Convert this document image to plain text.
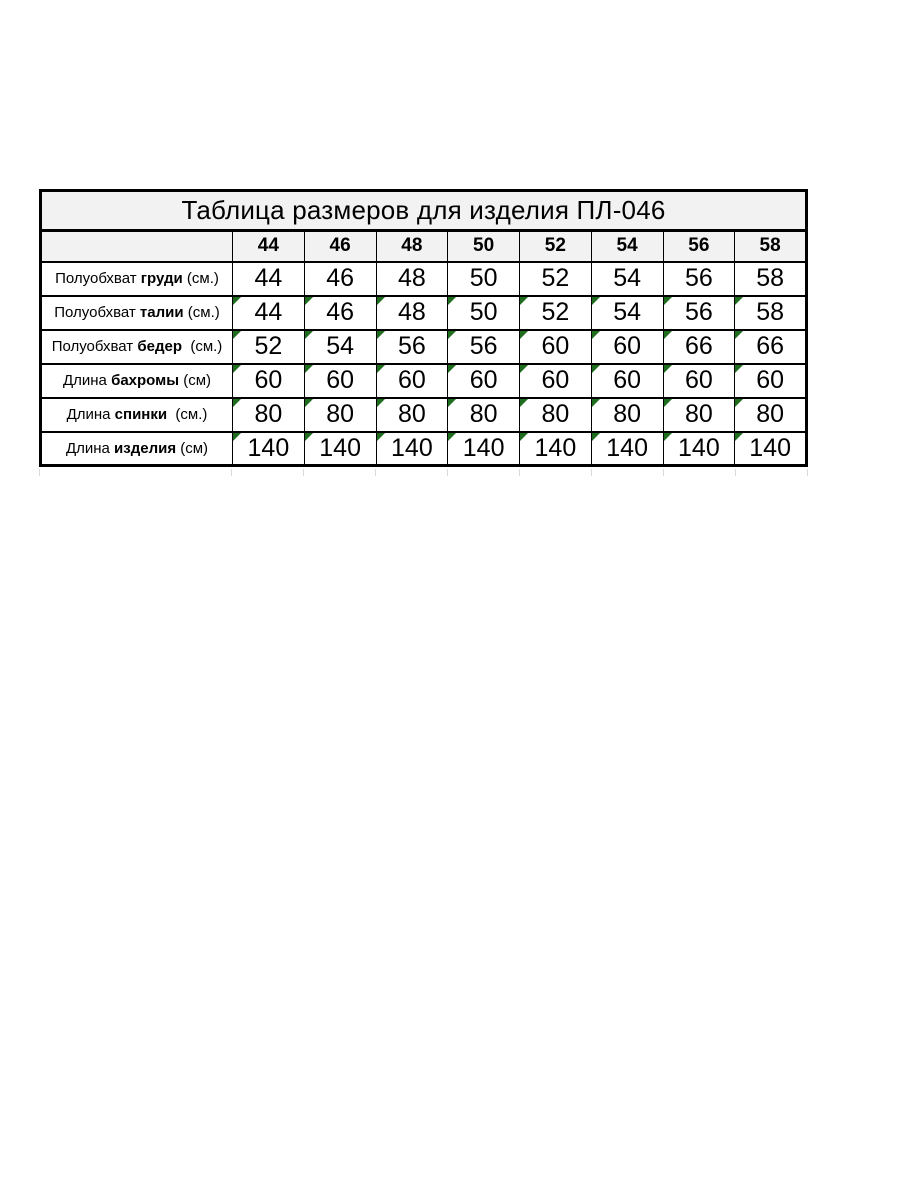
Таблица размеров для изделия ПЛ-046								
	44	46	48	50	52	54	56	58
Полуобхват груди (см.)	44	46	48	50	52	54	56	58
Полуобхват талии (см.)	44	46	48	50	52	54	56	58

Полуобхват бедер  (см.)	52	54	56	56	60	60	66	66

Длина бахромы (см)	60	60	60	60	60	60	60	60

Длина спинки  (см.)	80	80	80	80	80	80	80	80

Длина изделия (см)	140	140	140	140	140	140	140	140
